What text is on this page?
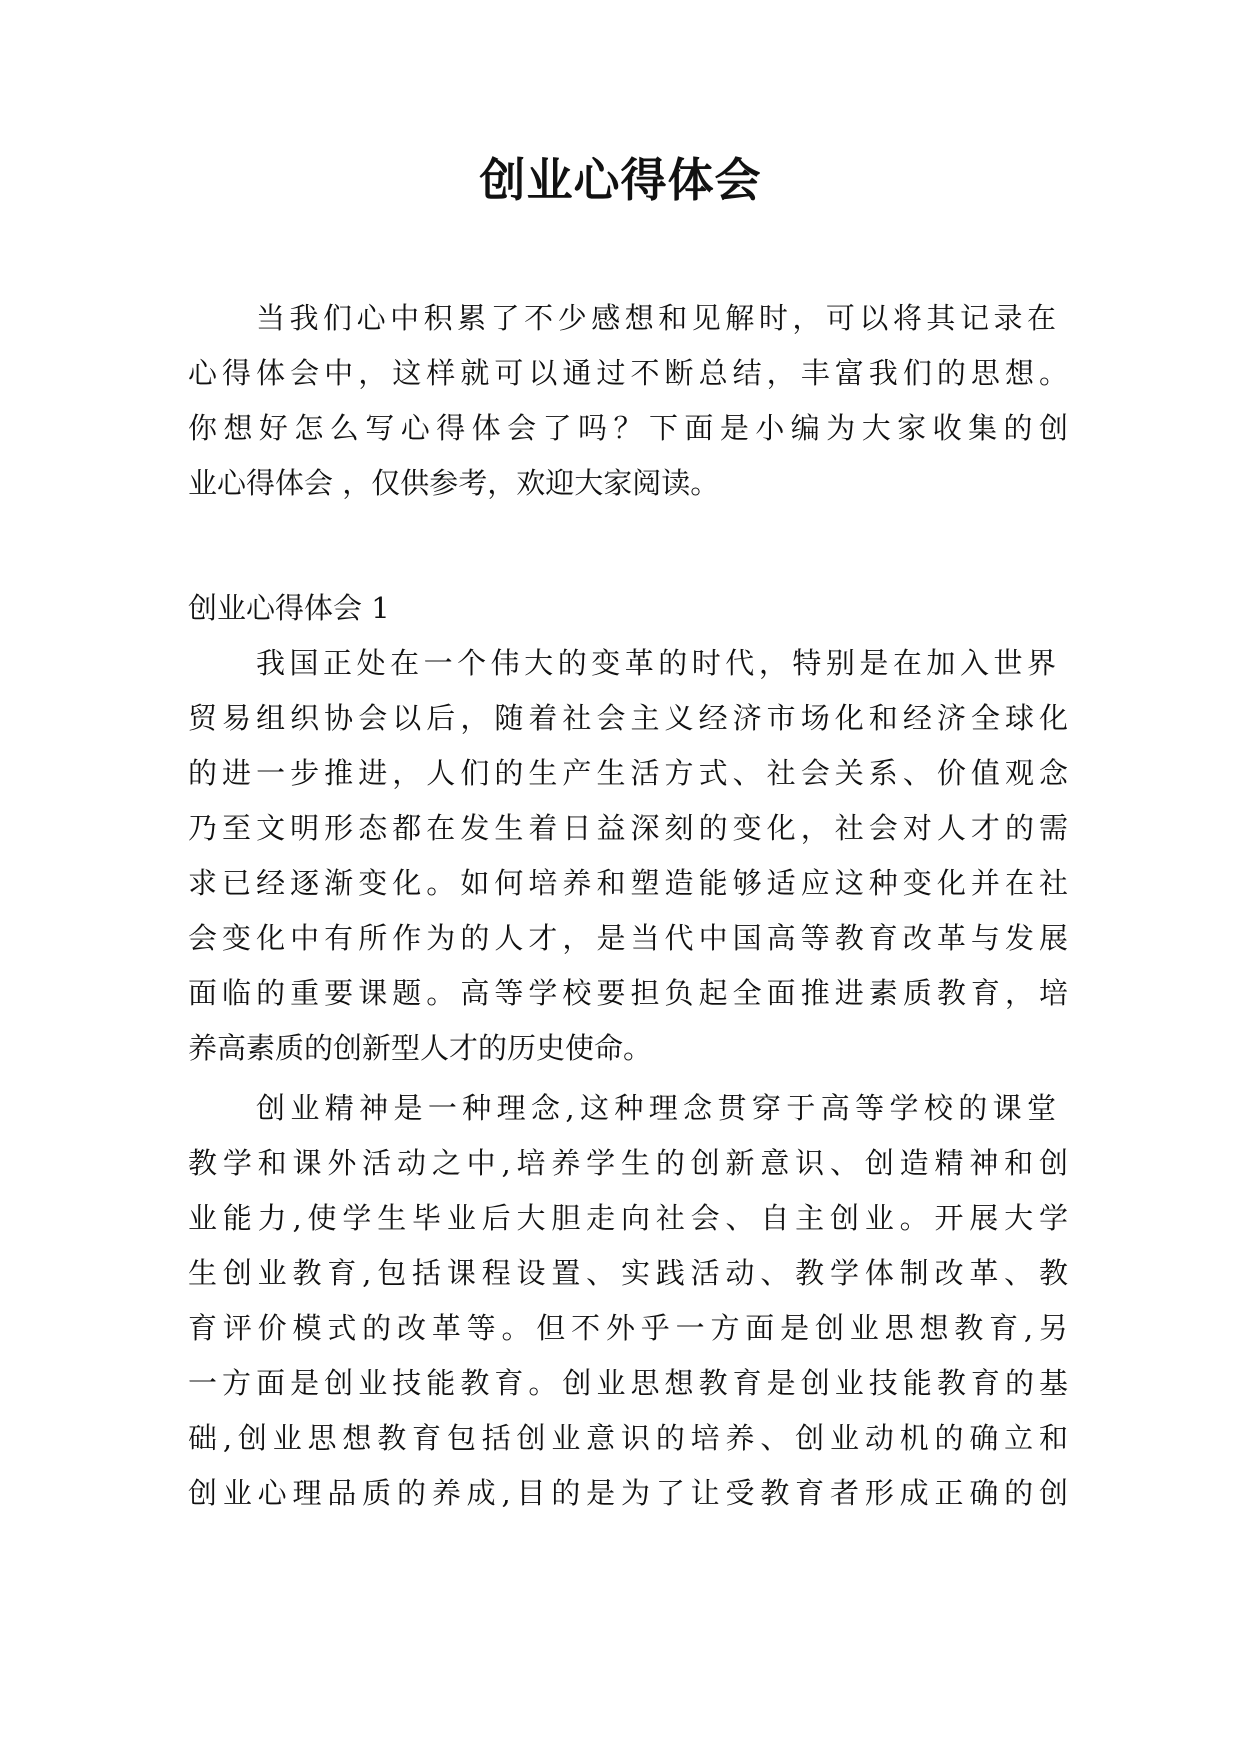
创业心得体会

当我们心中积累了不少感想和见解时，可以将其记录在

心得体会中，这样就可以通过不断总结，丰富我们的思想。

你想好怎么写心得体会了吗？下面是小编为大家收集的创

业心得体会 ，仅供参考，欢迎大家阅读。

创业心得体会 1

我国正处在一个伟大的变革的时代，特别是在加入世界

贸易组织协会以后，随着社会主义经济市场化和经济全球化

的进一步推进，人们的生产生活方式、社会关系、价值观念

乃至文明形态都在发生着日益深刻的变化，社会对人才的需

求已经逐渐变化。如何培养和塑造能够适应这种变化并在社

会变化中有所作为的人才，是当代中国高等教育改革与发展

面临的重要课题。高等学校要担负起全面推进素质教育，培

养高素质的创新型人才的历史使命。

创业精神是一种理念,这种理念贯穿于高等学校的课堂

教学和课外活动之中,培养学生的创新意识、创造精神和创

业能力,使学生毕业后大胆走向社会、自主创业。开展大学

生创业教育,包括课程设置、实践活动、教学体制改革、教

育评价模式的改革等。但不外乎一方面是创业思想教育,另

一方面是创业技能教育。创业思想教育是创业技能教育的基

础,创业思想教育包括创业意识的培养、创业动机的确立和

创业心理品质的养成,目的是为了让受教育者形成正确的创
